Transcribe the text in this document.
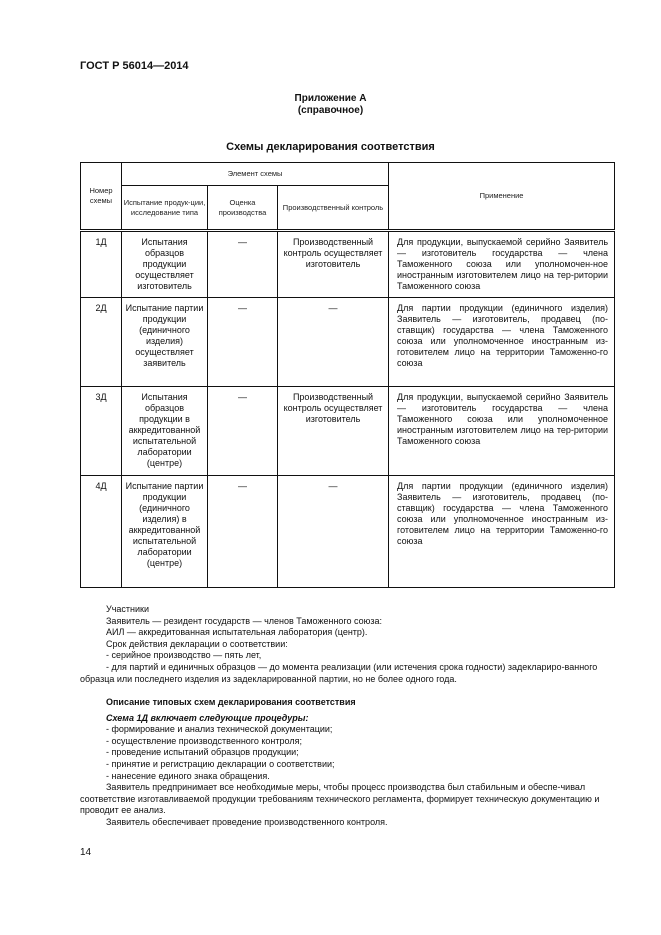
ГОСТ Р 56014—2014
Приложение А
(справочное)
Схемы декларирования соответствия
Номер схемы	Элемент схемы			Применение
	Испытание продук-ции, исследование типа	Оценка производства	Производственный контроль	
1Д	Испытания образцов продукции осуществляет изготовитель	—	Производственный контроль осуществляет изготовитель	Для продукции, выпускаемой серийно Заявитель — изготовитель государства — члена Таможенного союза или уполномочен-ное иностранным изготовителем лицо на тер-ритории Таможенного союза
2Д	Испытание партии продукции (единичного изделия) осуществляет заявитель	—	—	Для партии продукции (единичного изделия) Заявитель — изготовитель, продавец (по-ставщик) государства — члена Таможенного союза или уполномоченное иностранным из-готовителем лицо на территории Таможенно-го союза
3Д	Испытания образцов продукции в аккредитованной испытательной лаборатории (центре)	—	Производственный контроль осуществляет изготовитель	Для продукции, выпускаемой серийно Заявитель — изготовитель государства — члена Таможенного союза или уполномоченное иностранным изготовителем лицо на тер-ритории Таможенного союза
4Д	Испытание партии продукции (единичного изделия) в аккредитованной испытательной лаборатории (центре)	—	—	Для партии продукции (единичного изделия) Заявитель — изготовитель, продавец (по-ставщик) государства — члена Таможенного союза или уполномоченное иностранным из-готовителем лицо на территории Таможенно-го союза

Участники

Заявитель — резидент государств — членов Таможенного союза:

АИЛ — аккредитованная испытательная лаборатория (центр).

Срок действия декларации о соответствии:

- серийное производство — пять лет,

- для партий и единичных образцов — до момента реализации (или истечения срока годности) задеклариро-ванного образца или последнего изделия из задекларированной партии, но не более одного года.

Описание типовых схем декларирования соответствия

Схема 1Д включает следующие процедуры:

- формирование и анализ технической документации;

- осуществление производственного контроля;

- проведение испытаний образцов продукции;

- принятие и регистрацию декларации о соответствии;

- нанесение единого знака обращения.

Заявитель предпринимает все необходимые меры, чтобы процесс производства был стабильным и обеспе-чивал соответствие изготавливаемой продукции требованиям технического регламента, формирует техническую документацию и проводит ее анализ.

Заявитель обеспечивает проведение производственного контроля.

14
